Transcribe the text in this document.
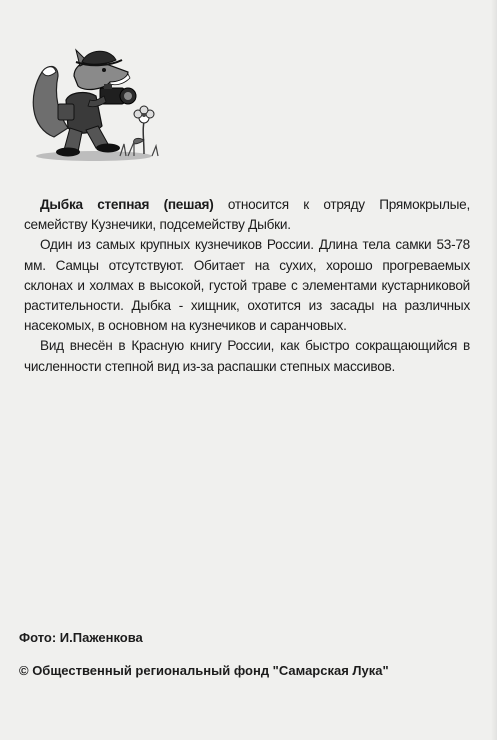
Дыбка степная (пешая) относится к отряду Прямокрылые, семейству Кузнечики, подсемейству Дыбки.

Один из самых крупных кузнечиков России. Длина тела самки 53-78 мм. Самцы отсутствуют. Обитает на сухих, хорошо прогреваемых склонах и холмах в высокой, густой траве с элементами кустарниковой растительности. Дыбка - хищник, охотится из засады на различных насекомых, в основном на кузнечиков и саранчовых.

Вид внесён в Красную книгу России, как быстро сокращающийся в численности степной вид из-за распашки степных массивов.

Фото: И.Паженкова
© Общественный региональный фонд "Самарская Лука"
